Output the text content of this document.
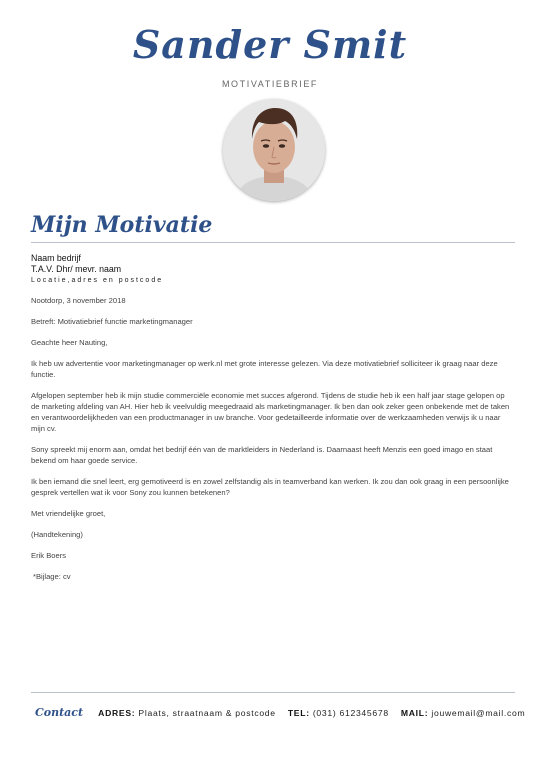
Sander Smit
MOTIVATIEBRIEF
Mijn Motivatie
Naam bedrijf
T.A.V. Dhr/ mevr. naam
Locatie,adres en postcode

Nootdorp, 3 november 2018

Betreft: Motivatiebrief functie marketingmanager

Geachte heer Nauting,

Ik heb uw advertentie voor marketingmanager op werk.nl met grote interesse gelezen. Via deze motivatiebrief solliciteer ik graag naar deze functie.

Afgelopen september heb ik mijn studie commerciële economie met succes afgerond. Tijdens de studie heb ik een half jaar stage gelopen op de marketing afdeling van AH. Hier heb ik veelvuldig meegedraaid als marketingmanager. Ik ben dan ook zeker geen onbekende met de taken en verantwoordelijkheden van een productmanager in uw branche. Voor gedetailleerde informatie over de werkzaamheden verwijs ik u naar mijn cv.

Sony spreekt mij enorm aan, omdat het bedrijf één van de marktleiders in Nederland is. Daarnaast heeft Menzis een goed imago en staat bekend om haar goede service.

Ik ben iemand die snel leert, erg gemotiveerd is en zowel zelfstandig als in teamverband kan werken. Ik zou dan ook graag in een persoonlijke gesprek vertellen wat ik voor Sony zou kunnen betekenen?

Met vriendelijke groet,

(Handtekening)

Erik Boers

*Bijlage: cv

Contact ADRES: Plaats, straatnaam & postcode TEL: (031) 612345678 MAIL: jouwemail@mail.com
